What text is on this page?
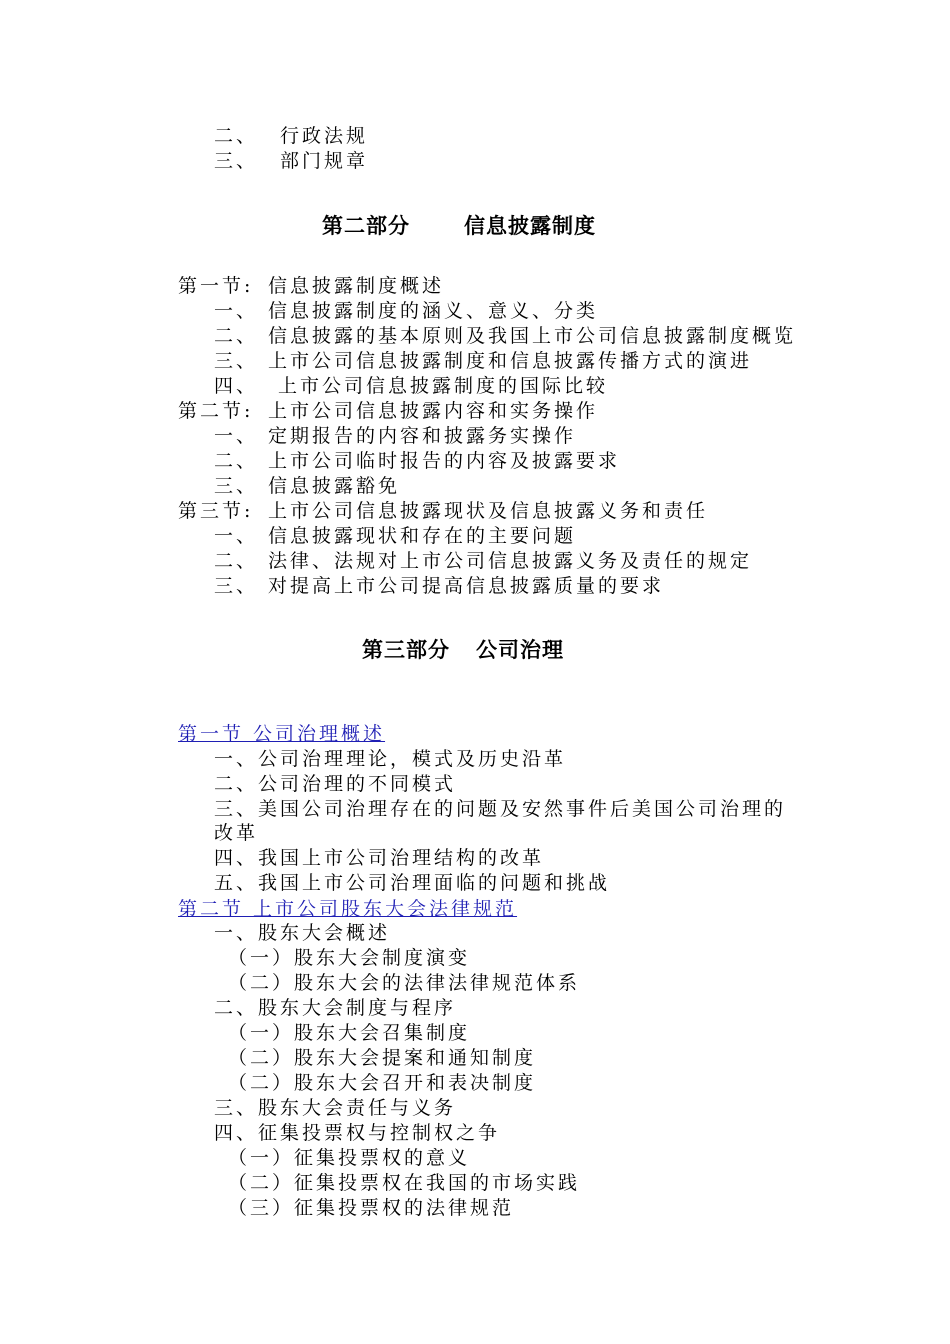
二、 行政法规
三、 部门规章
第二部分	信息披露制度
第一节: 信息披露制度概述
一、 信息披露制度的涵义、意义、分类
二、 信息披露的基本原则及我国上市公司信息披露制度概览
三、 上市公司信息披露制度和信息披露传播方式的演进
四、 上市公司信息披露制度的国际比较
第二节: 上市公司信息披露内容和实务操作
一、 定期报告的内容和披露务实操作
二、 上市公司临时报告的内容及披露要求
三、 信息披露豁免
第三节: 上市公司信息披露现状及信息披露义务和责任
一、 信息披露现状和存在的主要问题
二、 法律、法规对上市公司信息披露义务及责任的规定
三、 对提高上市公司提高信息披露质量的要求
第三部分 公司治理
第一节 公司治理概述
一、公司治理理论，模式及历史沿革
二、公司治理的不同模式
三、美国公司治理存在的问题及安然事件后美国公司治理的
改革
四、我国上市公司治理结构的改革
五、我国上市公司治理面临的问题和挑战
第二节 上市公司股东大会法律规范
一、股东大会概述
（一）股东大会制度演变
（二）股东大会的法律法律规范体系
二、股东大会制度与程序
（一）股东大会召集制度
（二）股东大会提案和通知制度
（二）股东大会召开和表决制度
三、股东大会责任与义务
四、征集投票权与控制权之争
（一）征集投票权的意义
（二）征集投票权在我国的市场实践
（三）征集投票权的法律规范
